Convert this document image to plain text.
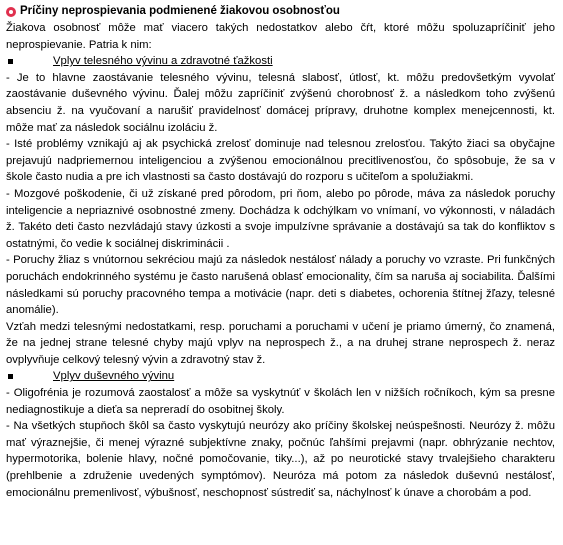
Príčiny neprospievania podmienené žiakovou osobnosťou

Žiakova osobnosť môže mať viacero takých nedostatkov alebo čŕt, ktoré môžu spoluzapríčiniť jeho neprospievanie. Patria k nim:

Vplyv telesného vývinu a zdravotné ťažkosti

- Je to hlavne zaostávanie telesného vývinu, telesná slabosť, útlosť, kt. môžu predovšetkým vyvolať zaostávanie duševného vývinu. Ďalej môžu zapríčiniť zvýšenú chorobnosť ž. a následkom toho zvýšenú absenciu ž. na vyučovaní a narušiť pravidelnosť domácej prípravy, druhotne komplex menejcennosti, kt. môže mať za následok sociálnu izoláciu ž.

- Isté problémy vznikajú aj ak psychická zrelosť dominuje nad telesnou zrelosťou. Takýto žiaci sa obyčajne prejavujú nadpriemernou inteligenciou a zvýšenou emocionálnou precitlivenosťou, čo spôsobuje, že sa v škole často nudia a pre ich vlastnosti sa často dostávajú do rozporu s učiteľom a spolužiakmi.

- Mozgové poškodenie, či už získané pred pôrodom, pri ňom, alebo po pôrode, máva za následok poruchy inteligencie a nepriaznivé osobnostné zmeny. Dochádza k odchýlkam vo vnímaní, vo výkonnosti, v náladách ž. Takéto deti často nezvládajú stavy úzkosti a svoje impulzívne správanie a dostávajú sa tak do konfliktov s ostatnými, čo vedie k sociálnej diskriminácii .

- Poruchy žliaz s vnútornou sekréciou majú za následok nestálosť nálady a poruchy vo vzraste. Pri funkčných poruchách endokrinného systému je často narušená oblasť emocionality, čím sa naruša aj sociabilita. Ďalšími následkami sú poruchy pracovného tempa a motivácie (napr. deti s diabetes, ochorenia štítnej žľazy, telesné anomálie).

Vzťah medzi telesnými nedostatkami, resp. poruchami a poruchami v učení je priamo úmerný, čo znamená, že na jednej strane telesné chyby majú vplyv na neprospech ž., a na druhej strane neprospech ž. neraz ovplyvňuje celkový telesný vývin a zdravotný stav ž.

Vplyv duševného vývinu

- Oligofrénia je rozumová zaostalosť a môže sa vyskytnúť v školách len v nižších ročníkoch, kým sa presne nediagnostikuje a dieťa sa nepreradí do osobitnej školy.

- Na všetkých stupňoch škôl sa často vyskytujú neurózy ako príčiny školskej neúspešnosti. Neurózy ž. môžu mať výraznejšie, či menej výrazné subjektívne znaky, počnúc ľahšími prejavmi (napr. obhrýzanie nechtov, hypermotorika, bolenie hlavy, nočné pomočovanie, tiky...), až po neurotické stavy trvalejšieho charakteru (prehlbenie a združenie uvedených symptómov). Neuróza má potom za následok duševnú nestálosť, emocionálnu premenlivosť, výbušnosť, neschopnosť sústrediť sa, náchylnosť k únave a chorobám a pod.
